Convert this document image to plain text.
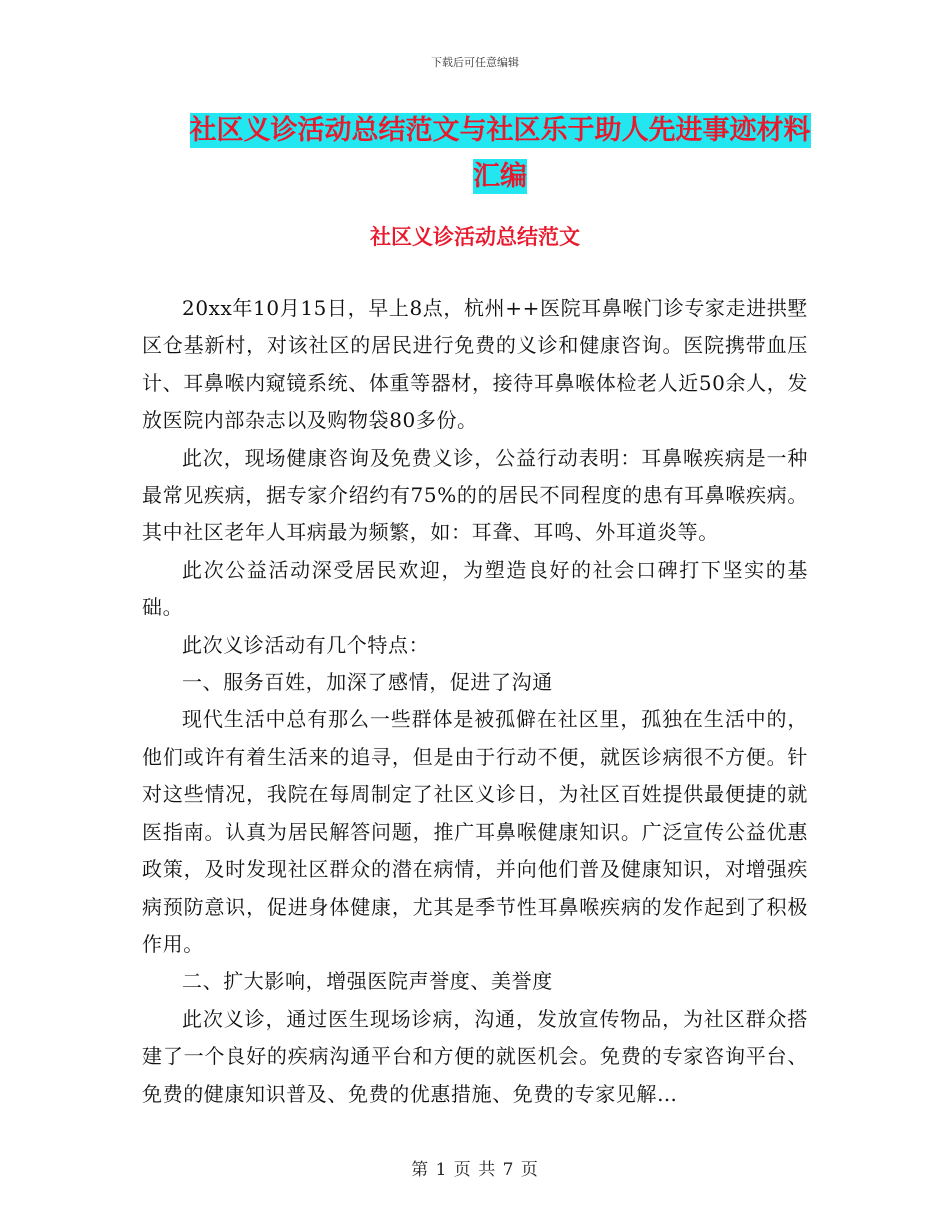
下载后可任意编辑
社区义诊活动总结范文与社区乐于助人先进事迹材料汇编
社区义诊活动总结范文

20xx年10月15日，早上8点，杭州++医院耳鼻喉门诊专家走进拱墅区仓基新村，对该社区的居民进行免费的义诊和健康咨询。医院携带血压计、耳鼻喉内窥镜系统、体重等器材，接待耳鼻喉体检老人近50余人，发放医院内部杂志以及购物袋80多份。

此次，现场健康咨询及免费义诊，公益行动表明：耳鼻喉疾病是一种最常见疾病，据专家介绍约有75%的的居民不同程度的患有耳鼻喉疾病。其中社区老年人耳病最为频繁，如：耳聋、耳鸣、外耳道炎等。

此次公益活动深受居民欢迎，为塑造良好的社会口碑打下坚实的基础。

此次义诊活动有几个特点：

一、服务百姓，加深了感情，促进了沟通

现代生活中总有那么一些群体是被孤僻在社区里，孤独在生活中的，他们或许有着生活来的追寻，但是由于行动不便，就医诊病很不方便。针对这些情况，我院在每周制定了社区义诊日，为社区百姓提供最便捷的就医指南。认真为居民解答问题，推广耳鼻喉健康知识。广泛宣传公益优惠政策，及时发现社区群众的潜在病情，并向他们普及健康知识，对增强疾病预防意识，促进身体健康，尤其是季节性耳鼻喉疾病的发作起到了积极作用。

二、扩大影响，增强医院声誉度、美誉度

此次义诊，通过医生现场诊病，沟通，发放宣传物品，为社区群众搭建了一个良好的疾病沟通平台和方便的就医机会。免费的专家咨询平台、免费的健康知识普及、免费的优惠措施、免费的专家见解…

第 1 页 共 7 页
